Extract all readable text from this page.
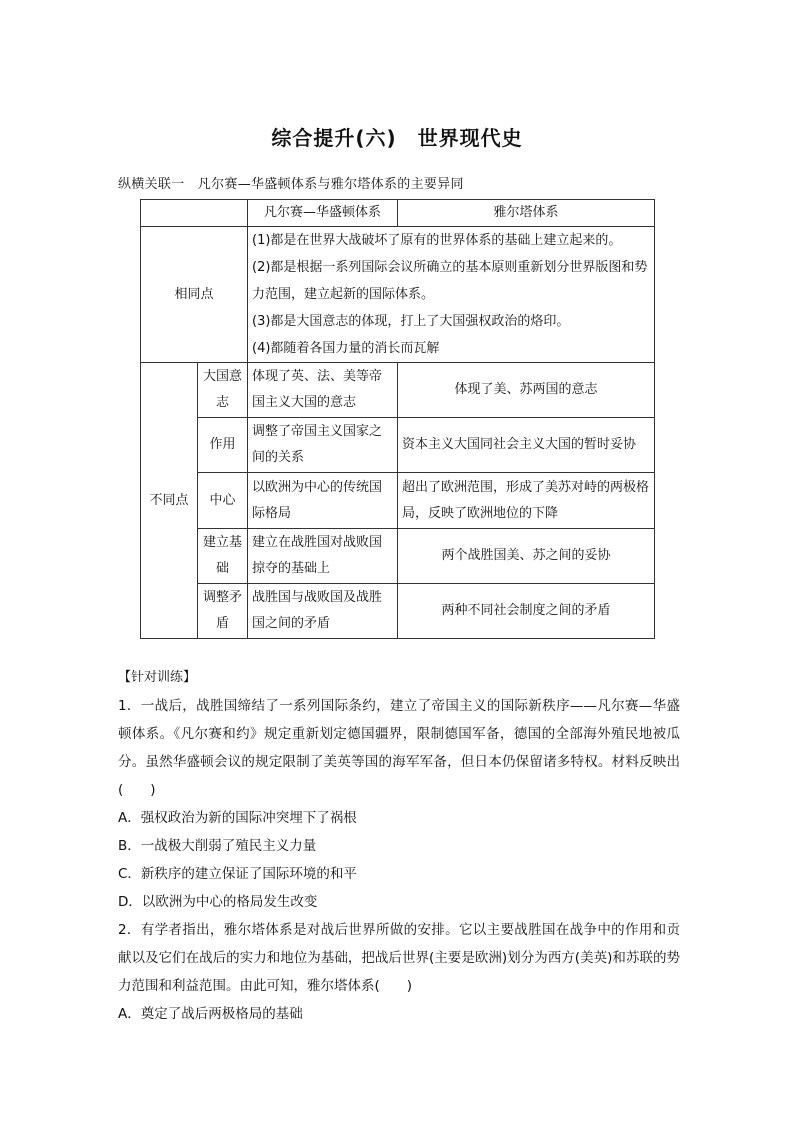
综合提升(六)　世界现代史
纵横关联一　凡尔赛—华盛顿体系与雅尔塔体系的主要异同
		凡尔赛—华盛顿体系	雅尔塔体系
相同点		(1)都是在世界大战破坏了原有的世界体系的基础上建立起来的。
(2)都是根据一系列国际会议所确立的基本原则重新划分世界版图和势力范围，建立起新的国际体系。
(3)都是大国意志的体现，打上了大国强权政治的烙印。
(4)都随着各国力量的消长而瓦解	

不同点	大国意志	体现了英、法、美等帝国主义大国的意志	体现了美、苏两国的意志
	作用	调整了帝国主义国家之间的关系	资本主义大国同社会主义大国的暂时妥协
	中心	以欧洲为中心的传统国际格局	超出了欧洲范围，形成了美苏对峙的两极格局，反映了欧洲地位的下降
	建立基础	建立在战胜国对战败国掠夺的基础上	两个战胜国美、苏之间的妥协
	调整矛盾	战胜国与战败国及战胜国之间的矛盾	两种不同社会制度之间的矛盾

【针对训练】

1．一战后，战胜国缔结了一系列国际条约，建立了帝国主义的国际新秩序——凡尔赛—华盛顿体系。《凡尔赛和约》规定重新划定德国疆界，限制德国军备，德国的全部海外殖民地被瓜分。虽然华盛顿会议的规定限制了美英等国的海军军备，但日本仍保留诸多特权。材料反映出(　　)

A．强权政治为新的国际冲突埋下了祸根

B．一战极大削弱了殖民主义力量

C．新秩序的建立保证了国际环境的和平

D．以欧洲为中心的格局发生改变

2．有学者指出，雅尔塔体系是对战后世界所做的安排。它以主要战胜国在战争中的作用和贡献以及它们在战后的实力和地位为基础，把战后世界(主要是欧洲)划分为西方(美英)和苏联的势力范围和利益范围。由此可知，雅尔塔体系(　　)

A．奠定了战后两极格局的基础
